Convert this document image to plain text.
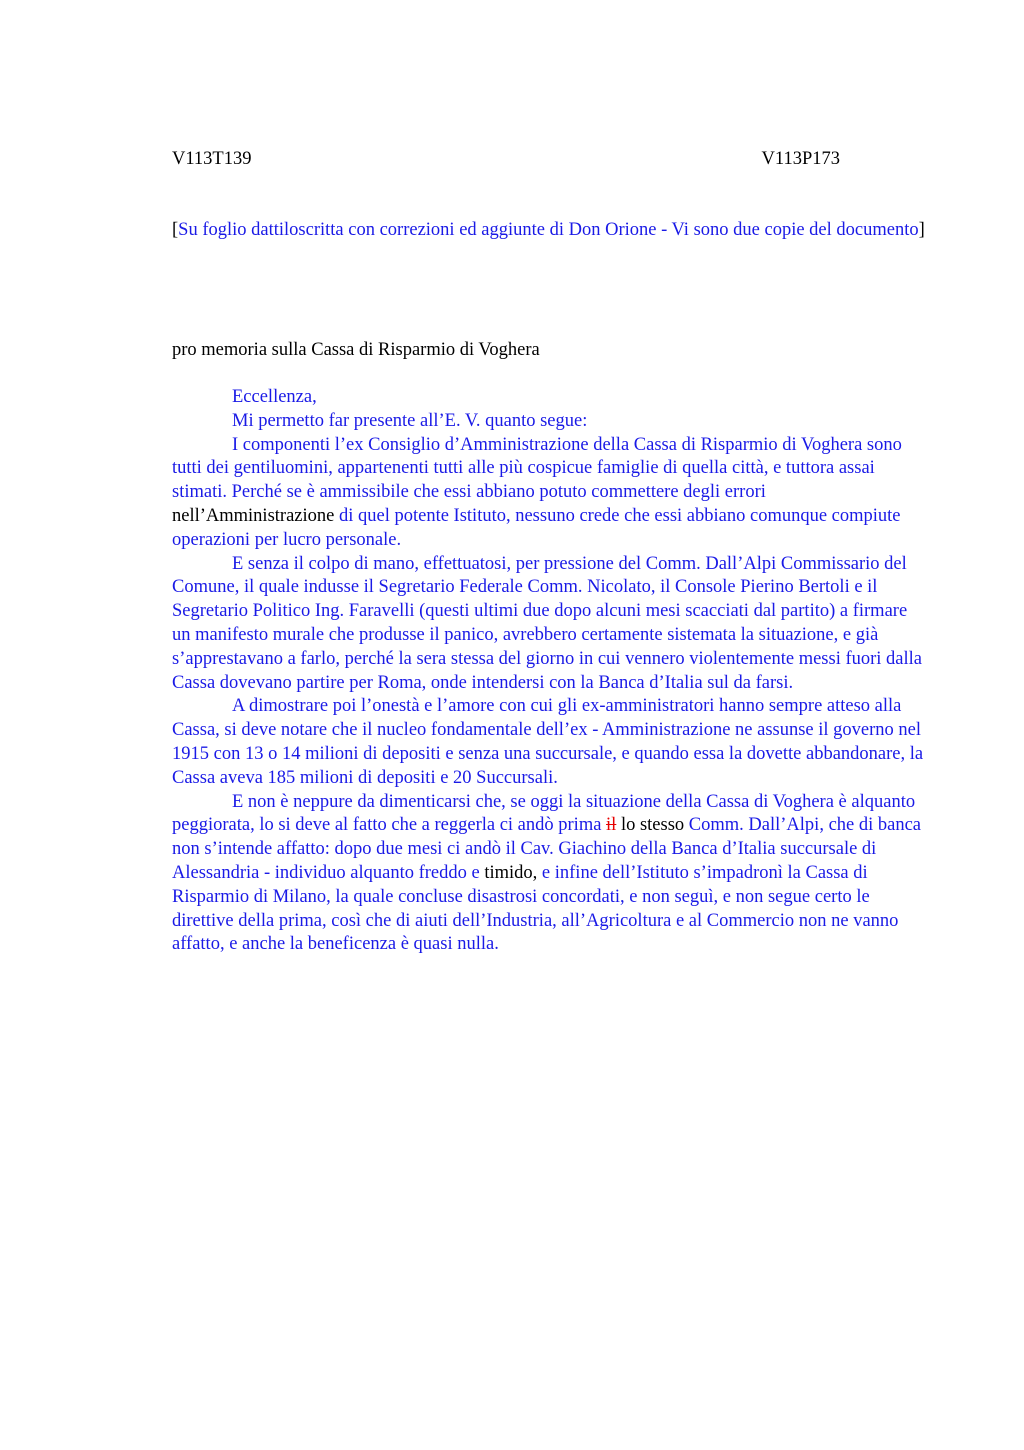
V113T139	V113P173
[Su foglio dattiloscritta con correzioni ed aggiunte di Don Orione - Vi sono due copie del documento]
pro memoria sulla Cassa di Risparmio di Voghera

Eccellenza,

Mi permetto far presente all’E. V. quanto segue:

I componenti l’ex Consiglio d’Amministrazione della Cassa di Risparmio di Voghera sono tutti dei gentiluomini, appartenenti tutti alle più cospicue famiglie di quella città, e tuttora assai stimati. Perché se è ammissibile che essi abbiano potuto commettere degli errori nell’Amministrazione di quel potente Istituto, nessuno crede che essi abbiano comunque compiute operazioni per lucro personale.

E senza il colpo di mano, effettuatosi, per pressione del Comm. Dall’Alpi Commissario del Comune, il quale indusse il Segretario Federale Comm. Nicolato, il Console Pierino Bertoli e il Segretario Politico Ing. Faravelli (questi ultimi due dopo alcuni mesi scacciati dal partito) a firmare un manifesto murale che produsse il panico, avrebbero certamente sistemata la situazione, e già s’apprestavano a farlo, perché la sera stessa del giorno in cui vennero violentemente messi fuori dalla Cassa dovevano partire per Roma, onde intendersi con la Banca d’Italia sul da farsi.

A dimostrare poi l’onestà e l’amore con cui gli ex-amministratori hanno sempre atteso alla Cassa, si deve notare che il nucleo fondamentale dell’ex - Amministrazione ne assunse il governo nel 1915 con 13 o 14 milioni di depositi e senza una succursale, e quando essa la dovette abbandonare, la Cassa aveva 185 milioni di depositi e 20 Succursali.

E non è neppure da dimenticarsi che, se oggi la situazione della Cassa di Voghera è alquanto peggiorata, lo si deve al fatto che a reggerla ci andò prima il lo stesso Comm. Dall’Alpi, che di banca non s’intende affatto: dopo due mesi ci andò il Cav. Giachino della Banca d’Italia succursale di Alessandria - individuo alquanto freddo e timido, e infine dell’Istituto s’impadronì la Cassa di Risparmio di Milano, la quale concluse disastrosi concordati, e non seguì, e non segue certo le direttive della prima, così che di aiuti dell’Industria, all’Agricoltura e al Commercio non ne vanno affatto, e anche la beneficenza è quasi nulla.
